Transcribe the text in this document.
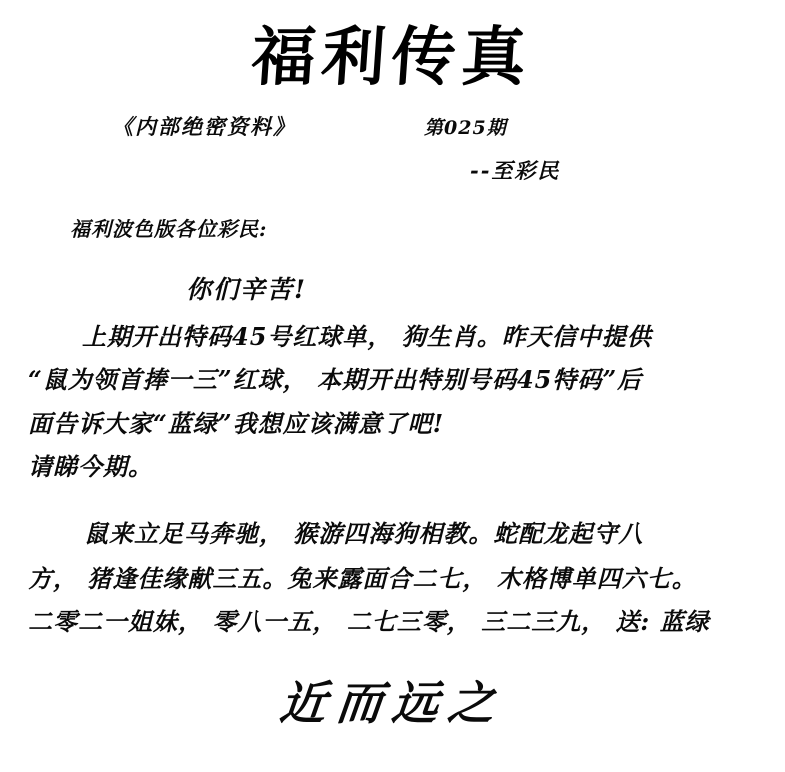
福利传真
《内部绝密资料》	第025期
--至彩民
福利波色版各位彩民:
你们辛苦!
上期开出特码45号红球单， 狗生肖。昨天信中提供
“鼠为领首捧一三”红球， 本期开出特别号码45特码”后
面告诉大家“蓝绿”我想应该满意了吧!
请睇今期。
鼠来立足马奔驰， 猴游四海狗相教。蛇配龙起守八
方， 猪逢佳缘献三五。兔来露面合二七， 木格博单四六七。
二零二一姐妹， 零八一五， 二七三零， 三二三九， 送: 蓝绿
近而远之
